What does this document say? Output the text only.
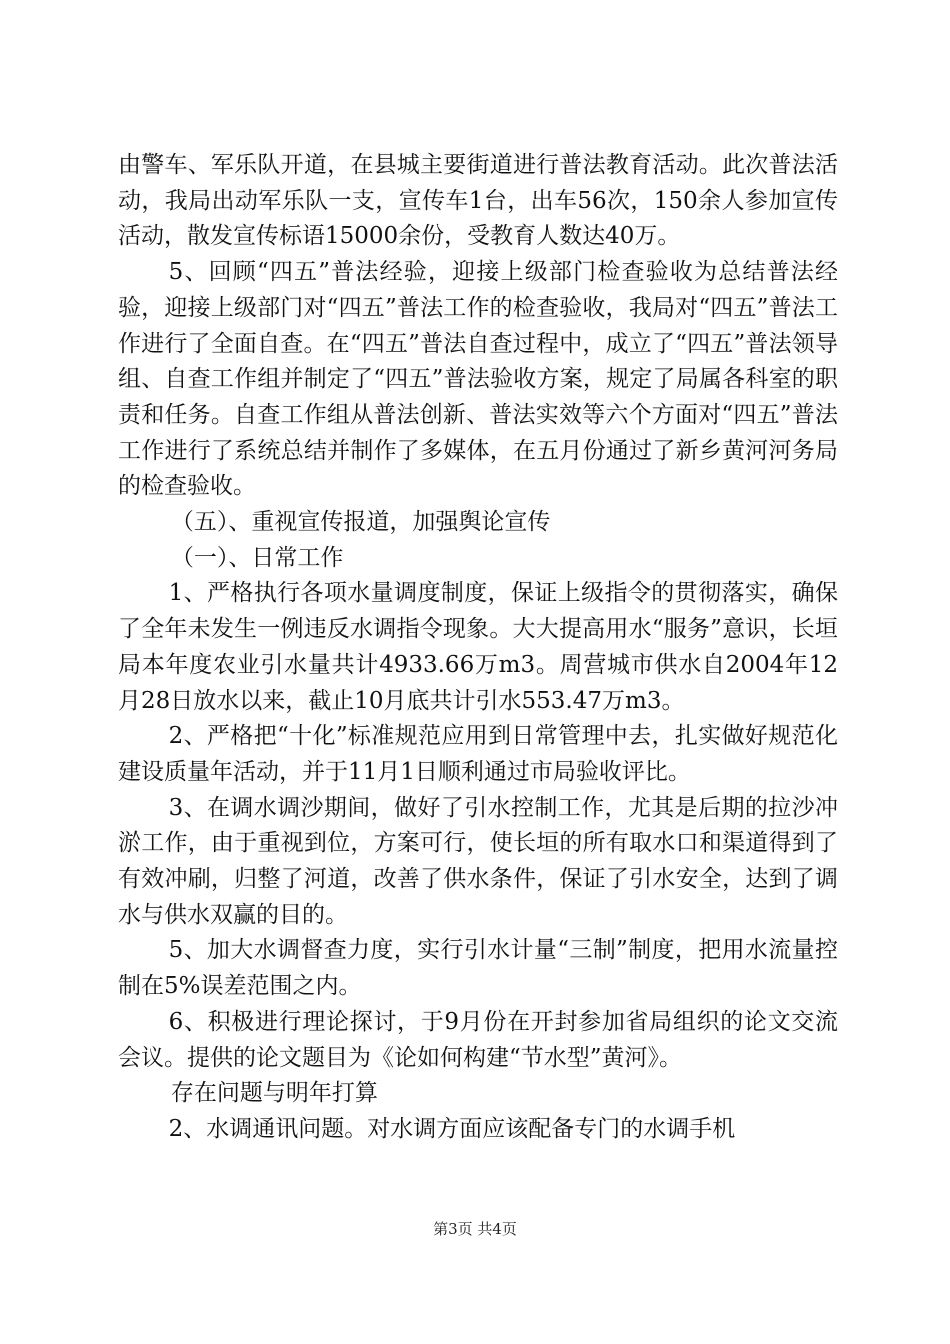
由警车、军乐队开道，在县城主要街道进行普法教育活动。此次普法活动，我局出动军乐队一支，宣传车1台，出车56次，150余人参加宣传活动，散发宣传标语15000余份，受教育人数达40万。

5、回顾“四五”普法经验，迎接上级部门检查验收为总结普法经验，迎接上级部门对“四五”普法工作的检查验收，我局对“四五”普法工作进行了全面自查。在“四五”普法自查过程中，成立了“四五”普法领导组、自查工作组并制定了“四五”普法验收方案，规定了局属各科室的职责和任务。自查工作组从普法创新、普法实效等六个方面对“四五”普法工作进行了系统总结并制作了多媒体，在五月份通过了新乡黄河河务局的检查验收。

（五）、重视宣传报道，加强舆论宣传

（一）、日常工作

1、严格执行各项水量调度制度，保证上级指令的贯彻落实，确保了全年未发生一例违反水调指令现象。大大提高用水“服务”意识，长垣局本年度农业引水量共计4933.66万m3。周营城市供水自2004年12月28日放水以来，截止10月底共计引水553.47万m3。

2、严格把“十化”标准规范应用到日常管理中去，扎实做好规范化建设质量年活动，并于11月1日顺利通过市局验收评比。

3、在调水调沙期间，做好了引水控制工作，尤其是后期的拉沙冲淤工作，由于重视到位，方案可行，使长垣的所有取水口和渠道得到了有效冲刷，归整了河道，改善了供水条件，保证了引水安全，达到了调水与供水双赢的目的。

5、加大水调督查力度，实行引水计量“三制”制度，把用水流量控制在5%误差范围之内。

6、积极进行理论探讨，于9月份在开封参加省局组织的论文交流会议。提供的论文题目为《论如何构建“节水型”黄河》。

存在问题与明年打算

2、水调通讯问题。对水调方面应该配备专门的水调手机

第3页 共4页
